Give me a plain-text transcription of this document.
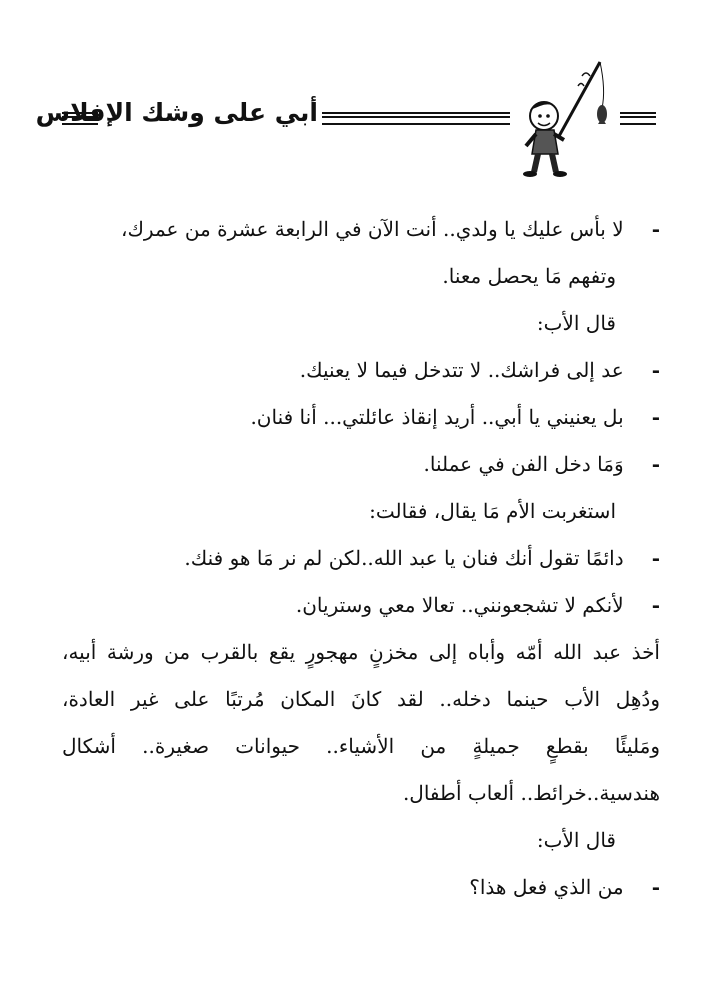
أبي على وشك الإفلاس
- لا بأس عليك يا ولدي.. أنت الآن في الرابعة عشرة من عمرك،
وتفهم مَا يحصل معنا.
قال الأب:
- عد إلى فراشك.. لا تتدخل فيما لا يعنيك.
- بل يعنيني يا أبي.. أريد إنقاذ عائلتي... أنا فنان.
- وَمَا دخل الفن في عملنا.
استغربت الأم مَا يقال، فقالت:
- دائمًا تقول أنك فنان يا عبد الله..لكن لم نر مَا هو فنك.
- لأنكم لا تشجعونني.. تعالا معي وستريان.
أخذ عبد الله أمّه وأباه إلى مخزنٍ مهجورٍ يقع بالقرب من ورشة أبيه،
ودُهِل الأب حينما دخله.. لقد كانَ المكان مُرتبًا على غير العادة،
ومَليئًا بقطعٍ جميلةٍ من الأشياء.. حيوانات صغيرة.. أشكال
هندسية..خرائط.. ألعاب أطفال.
قال الأب:
- من الذي فعل هذا؟
